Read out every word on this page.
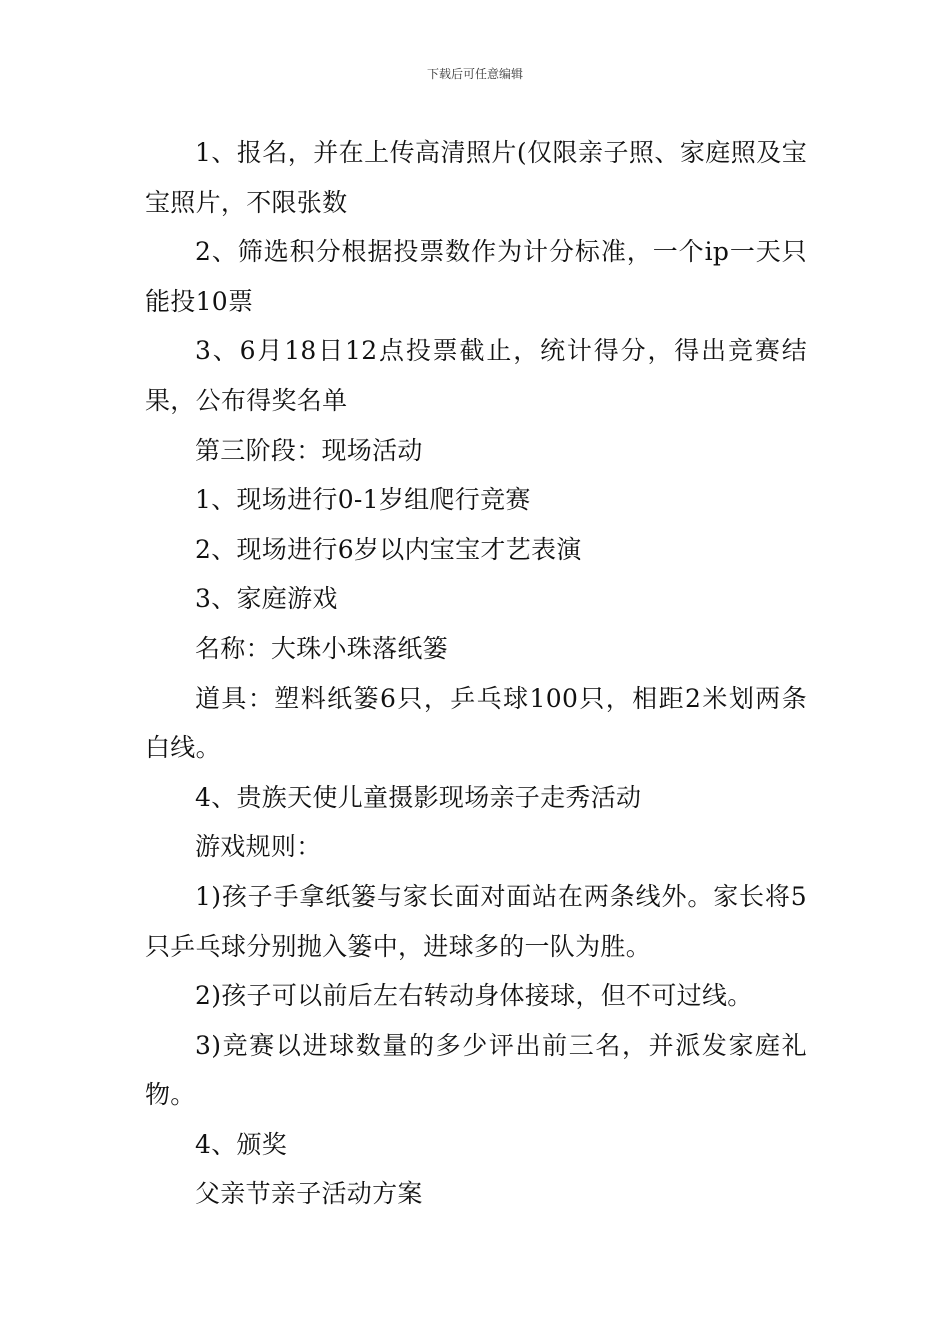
下载后可任意编辑

1、报名，并在上传高清照片(仅限亲子照、家庭照及宝宝照片，不限张数

2、筛选积分根据投票数作为计分标准，一个ip一天只能投10票

3、6月18日12点投票截止，统计得分，得出竞赛结果，公布得奖名单

第三阶段：现场活动

1、现场进行0-1岁组爬行竞赛

2、现场进行6岁以内宝宝才艺表演

3、家庭游戏

名称：大珠小珠落纸篓

道具：塑料纸篓6只，乒乓球100只，相距2米划两条白线。

4、贵族天使儿童摄影现场亲子走秀活动

游戏规则：

1)孩子手拿纸篓与家长面对面站在两条线外。家长将5只乒乓球分别抛入篓中，进球多的一队为胜。

2)孩子可以前后左右转动身体接球，但不可过线。

3)竞赛以进球数量的多少评出前三名，并派发家庭礼物。

4、颁奖

父亲节亲子活动方案
